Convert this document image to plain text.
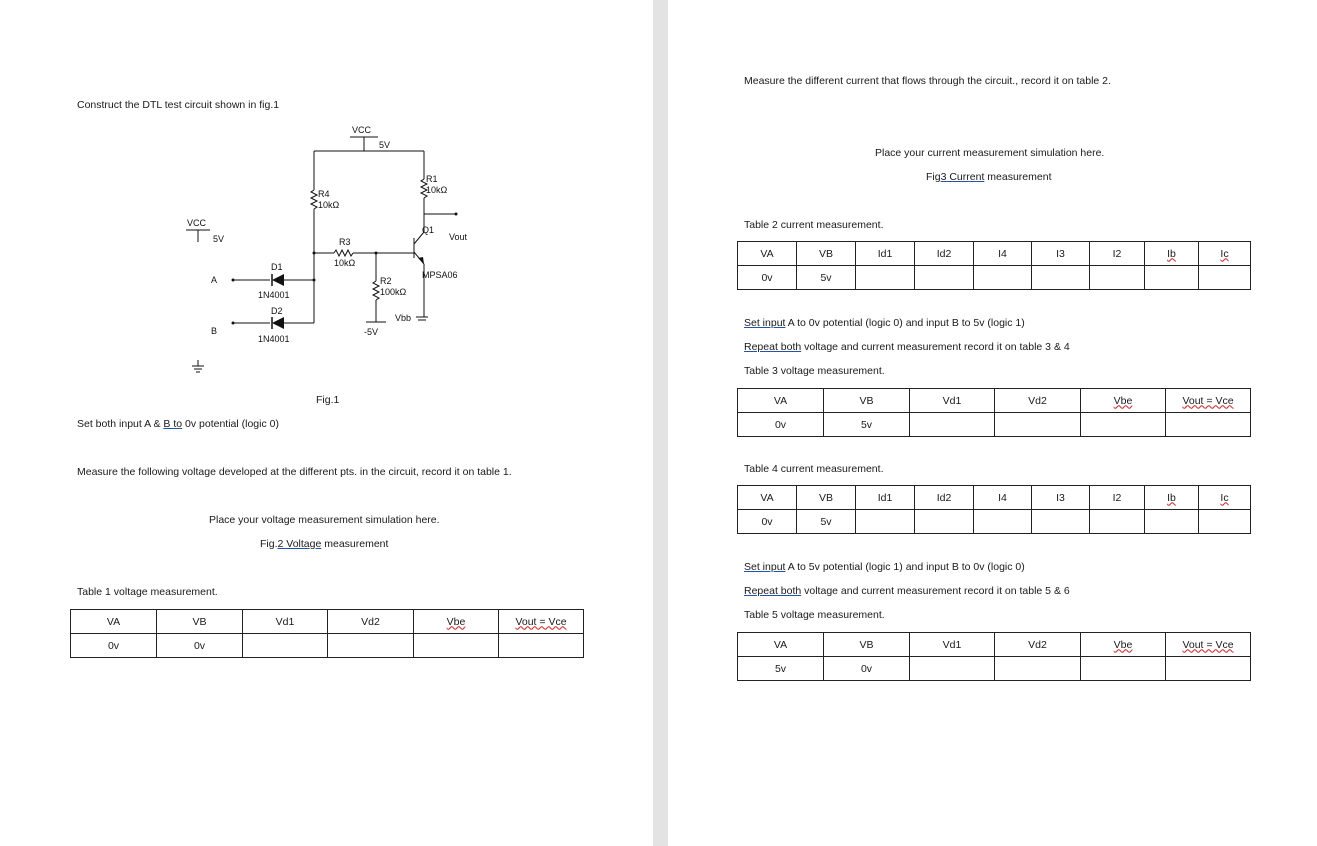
Construct the DTL test circuit shown in fig.1
VCC
5V
R1
10kΩ
R4
10kΩ
Q1
Vout
VCC
5V	R3
10kΩ
MPSA06
D1
A	R2
100kΩ
1N4001
D2
Vbb
B	-5V
1N4001
Fig.1
Set both input A & B to 0v potential (logic 0)
Measure the following voltage developed at the different pts. in the circuit, record it on table 1.
Place your voltage measurement simulation here.
Fig.2 Voltage measurement
Table 1 voltage measurement.
VA	VB	Vd1	Vd2	Vbe	Vout = Vce
0v	0v				
Measure the different current that flows through the circuit., record it on table 2.
Place your current measurement simulation here.
Fig3 Current measurement
Table 2 current measurement.
VA	VB	Id1	Id2	I4	I3	I2	Ib	Ic
0v	5v							
Set input A to 0v potential (logic 0) and input B to 5v (logic 1)
Repeat both voltage and current measurement record it on table 3 & 4
Table 3 voltage measurement.
VA	VB	Vd1	Vd2	Vbe	Vout = Vce
0v	5v				
Table 4 current measurement.
VA	VB	Id1	Id2	I4	I3	I2	Ib	Ic
0v	5v							
Set input A to 5v potential (logic 1) and input B to 0v (logic 0)
Repeat both voltage and current measurement record it on table 5 & 6
Table 5 voltage measurement.
VA	VB	Vd1	Vd2	Vbe	Vout = Vce
5v	0v				
